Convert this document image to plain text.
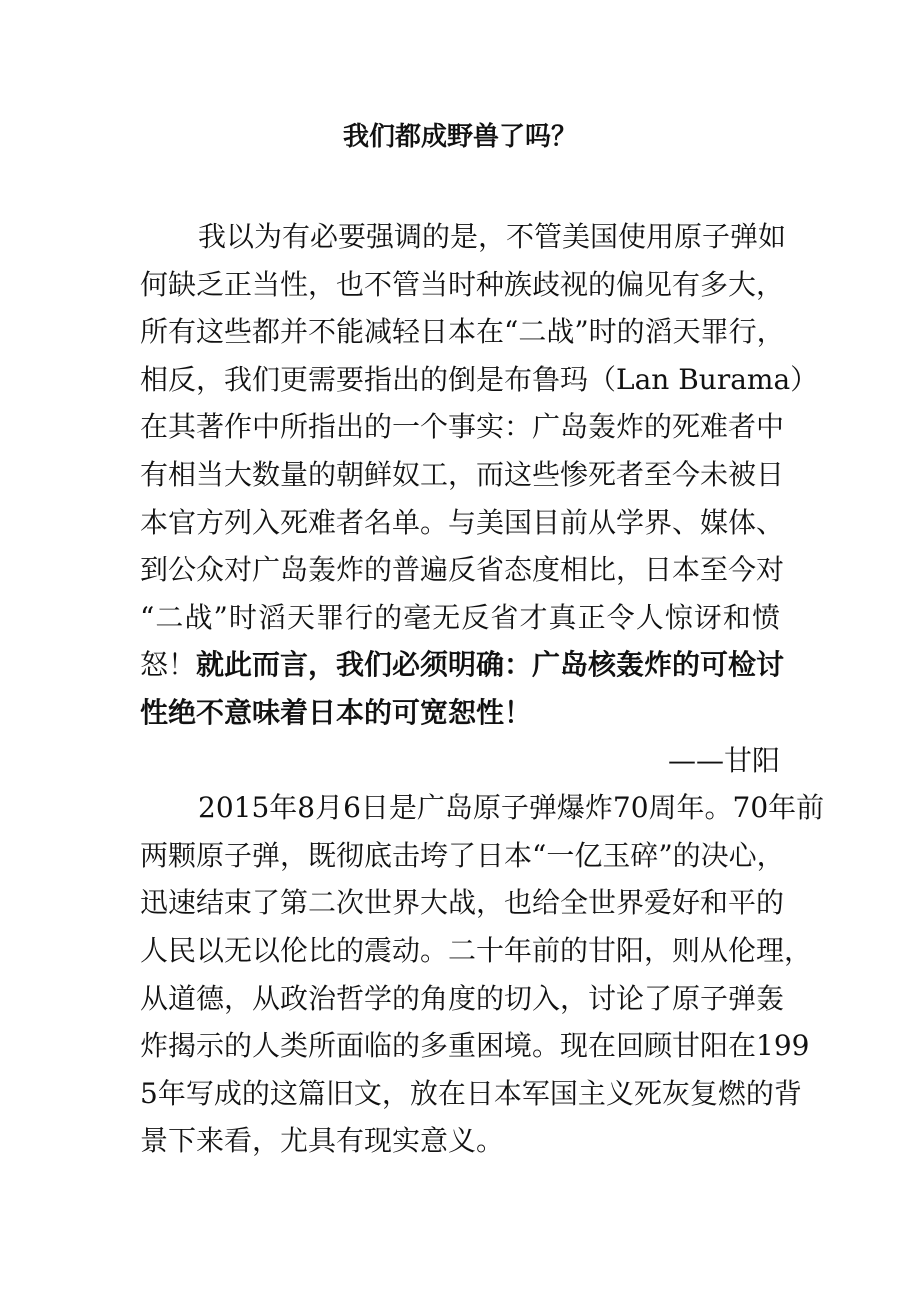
我们都成野兽了吗？
我以为有必要强调的是，不管美国使用原子弹如
何缺乏正当性，也不管当时种族歧视的偏见有多大，
所有这些都并不能减轻日本在“二战”时的滔天罪行，
相反，我们更需要指出的倒是布鲁玛（Lan Burama）
在其著作中所指出的一个事实：广岛轰炸的死难者中
有相当大数量的朝鲜奴工，而这些惨死者至今未被日
本官方列入死难者名单。与美国目前从学界、媒体、
到公众对广岛轰炸的普遍反省态度相比，日本至今对
“二战”时滔天罪行的毫无反省才真正令人惊讶和愤
怒！就此而言，我们必须明确：广岛核轰炸的可检讨
性绝不意味着日本的可宽恕性！
——甘阳
2015年8月6日是广岛原子弹爆炸70周年。70年前
两颗原子弹，既彻底击垮了日本“一亿玉碎”的决心，
迅速结束了第二次世界大战，也给全世界爱好和平的
人民以无以伦比的震动。二十年前的甘阳，则从伦理，
从道德，从政治哲学的角度的切入，讨论了原子弹轰
炸揭示的人类所面临的多重困境。现在回顾甘阳在199
5年写成的这篇旧文，放在日本军国主义死灰复燃的背
景下来看，尤具有现实意义。
